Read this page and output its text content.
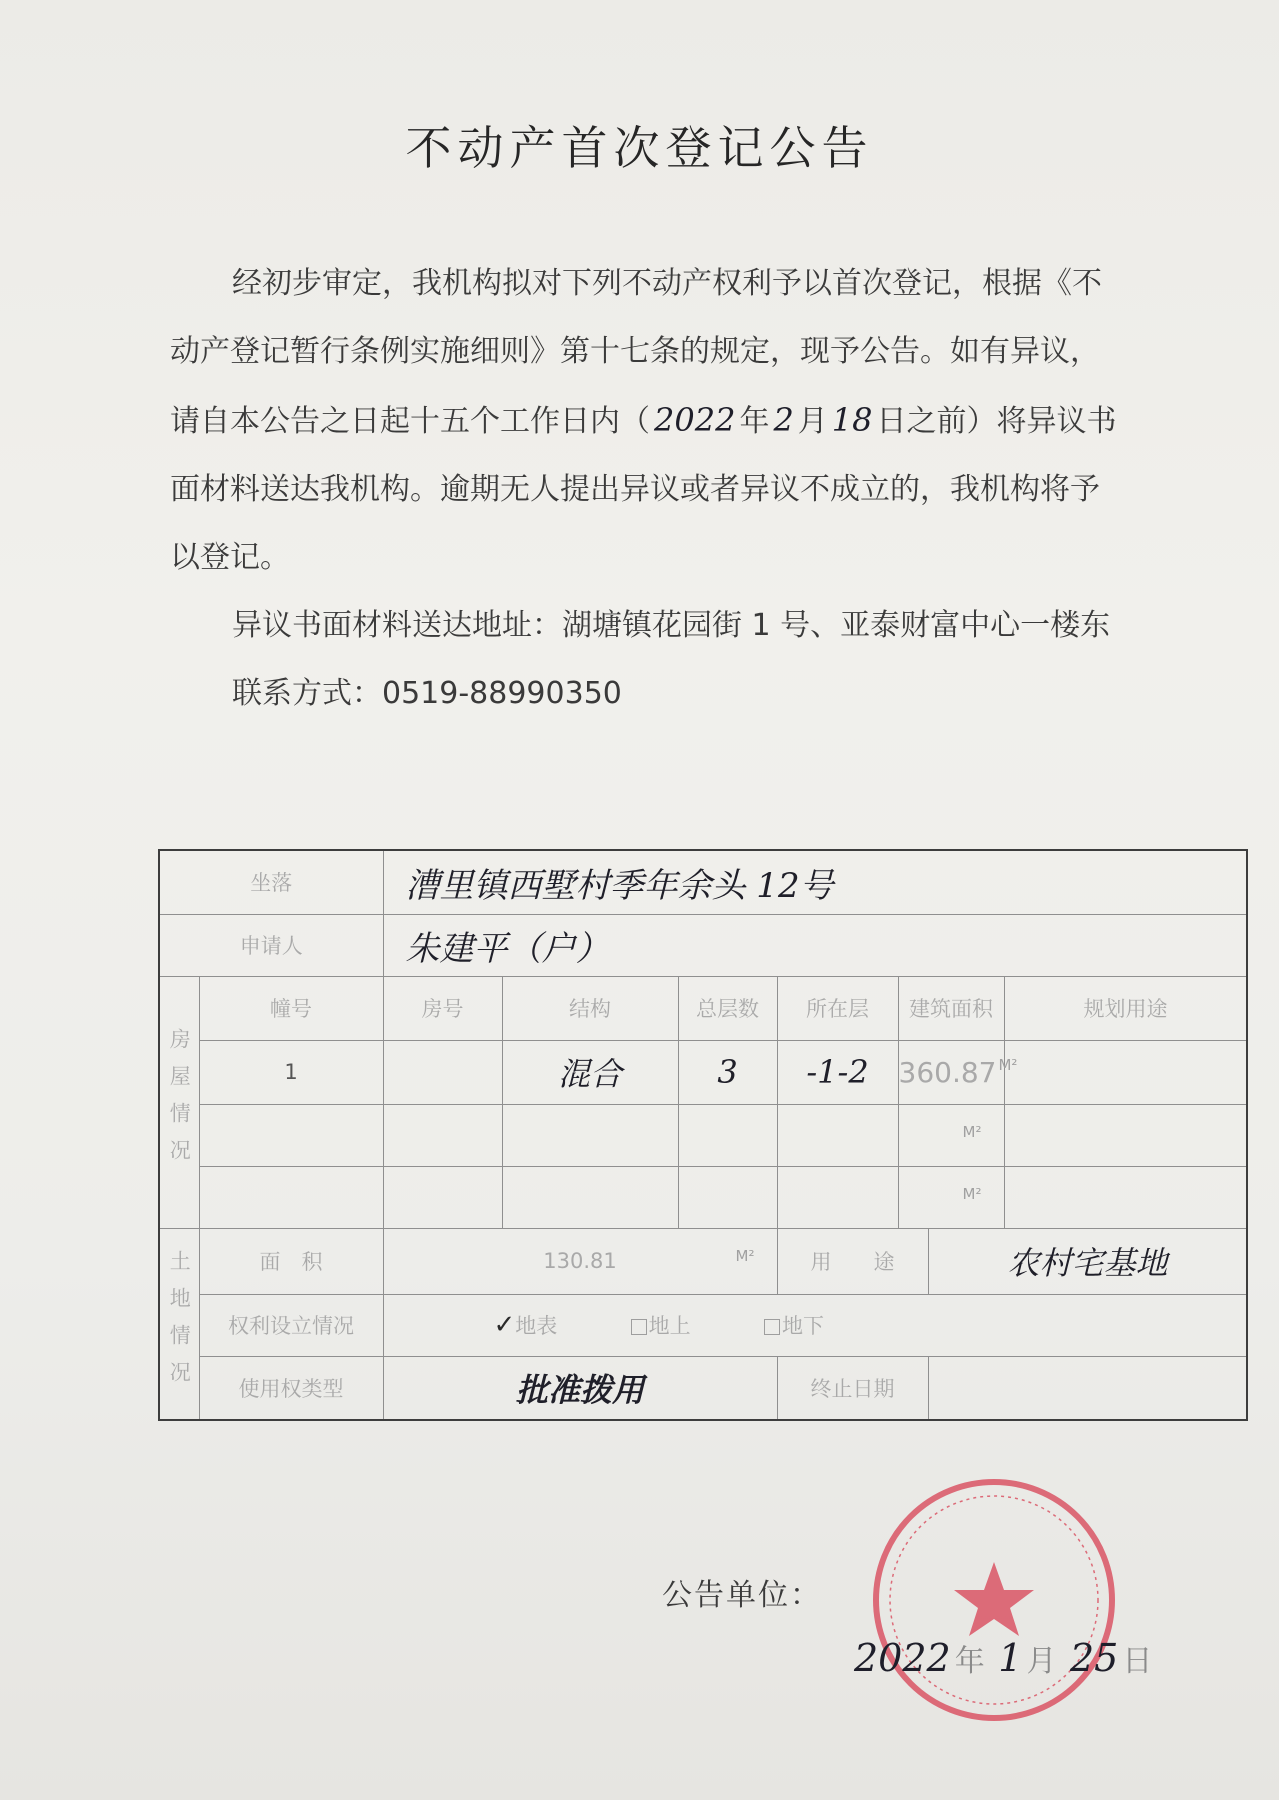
不动产首次登记公告

经初步审定，我机构拟对下列不动产权利予以首次登记，根据《不动产登记暂行条例实施细则》第十七条的规定，现予公告。如有异议，请自本公告之日起十五个工作日内（ 2022 年 2 月 18 日之前）将异议书面材料送达我机构。逾期无人提出异议或者异议不成立的，我机构将予以登记。

异议书面材料送达地址：湖塘镇花园街 1 号、亚泰财富中心一楼东

联系方式：0519-88990350

坐落		漕里镇西墅村季年余头 12号							
申请人		朱建平（户）							
房屋情况	幢号	房号	结构	总层数	所在层	建筑面积		规划用途	
	1		混合	3	-1-2	360.87 $^{M^2}$		

						M²			

						M²			

土地情况	面　积	130.81 M²			用　　途		农村宅基地		
	权利设立情况	✓地表 地上 地下							
	使用权类型	批准拨用			终止日期				
公告单位：
2022 年 1 月 25 日
